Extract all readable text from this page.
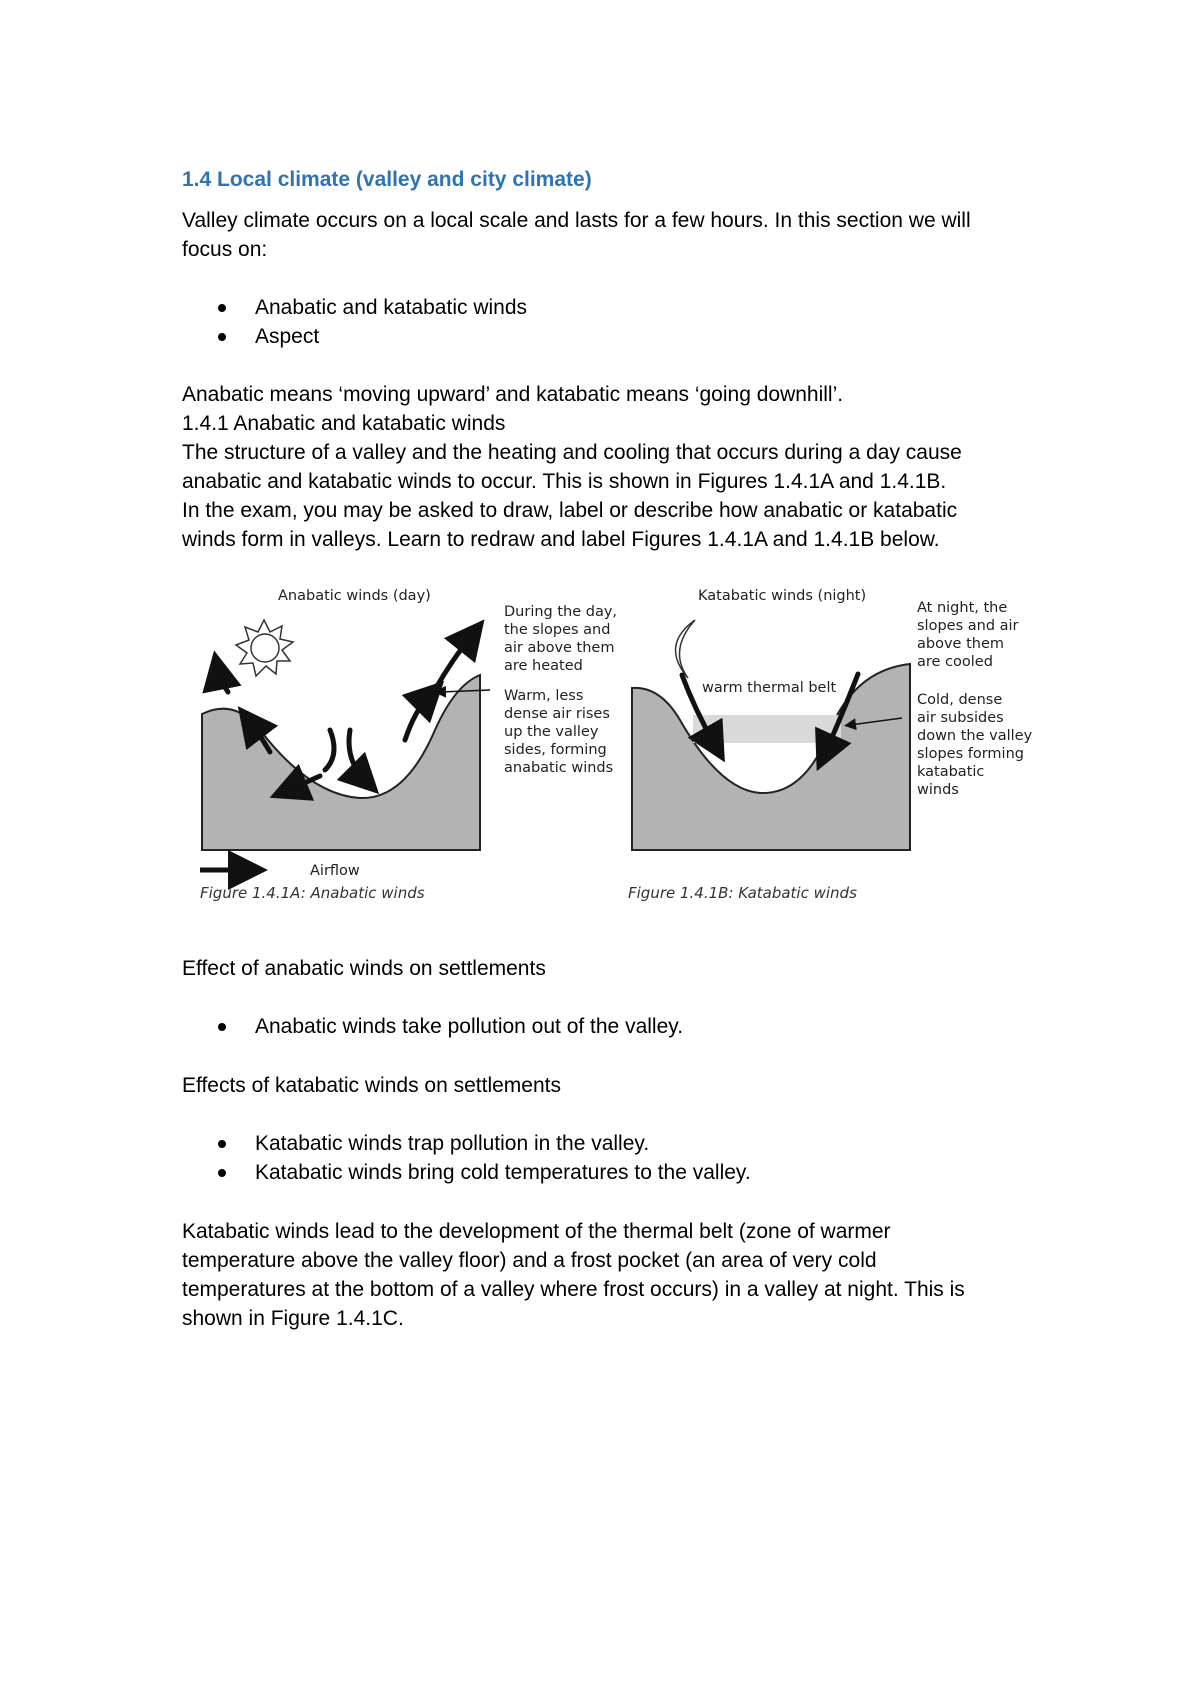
1.4 Local climate (valley and city climate)

Valley climate occurs on a local scale and lasts for a few hours. In this section we will

focus on:

Anabatic and katabatic winds
Aspect

Anabatic means ‘moving upward’ and katabatic means ‘going downhill’.

1.4.1 Anabatic and katabatic winds

The structure of a valley and the heating and cooling that occurs during a day cause

anabatic and katabatic winds to occur. This is shown in Figures 1.4.1A and 1.4.1B.

In the exam, you may be asked to draw, label or describe how anabatic or katabatic

winds form in valleys. Learn to redraw and label Figures 1.4.1A and 1.4.1B below.

Anabatic winds (day)
During the day,
the slopes and
air above them
are heated
Warm, less
dense air rises
up the valley
sides, forming
anabatic winds
Airflow
Figure 1.4.1A: Anabatic winds
Katabatic winds (night)
warm thermal belt
At night, the
slopes and air
above them
are cooled
Cold, dense
air subsides
down the valley
slopes forming
katabatic
winds
Figure 1.4.1B: Katabatic winds

Effect of anabatic winds on settlements

Anabatic winds take pollution out of the valley.

Effects of katabatic winds on settlements

Katabatic winds trap pollution in the valley.
Katabatic winds bring cold temperatures to the valley.

Katabatic winds lead to the development of the thermal belt (zone of warmer

temperature above the valley floor) and a frost pocket (an area of very cold

temperatures at the bottom of a valley where frost occurs) in a valley at night. This is

shown in Figure 1.4.1C.
